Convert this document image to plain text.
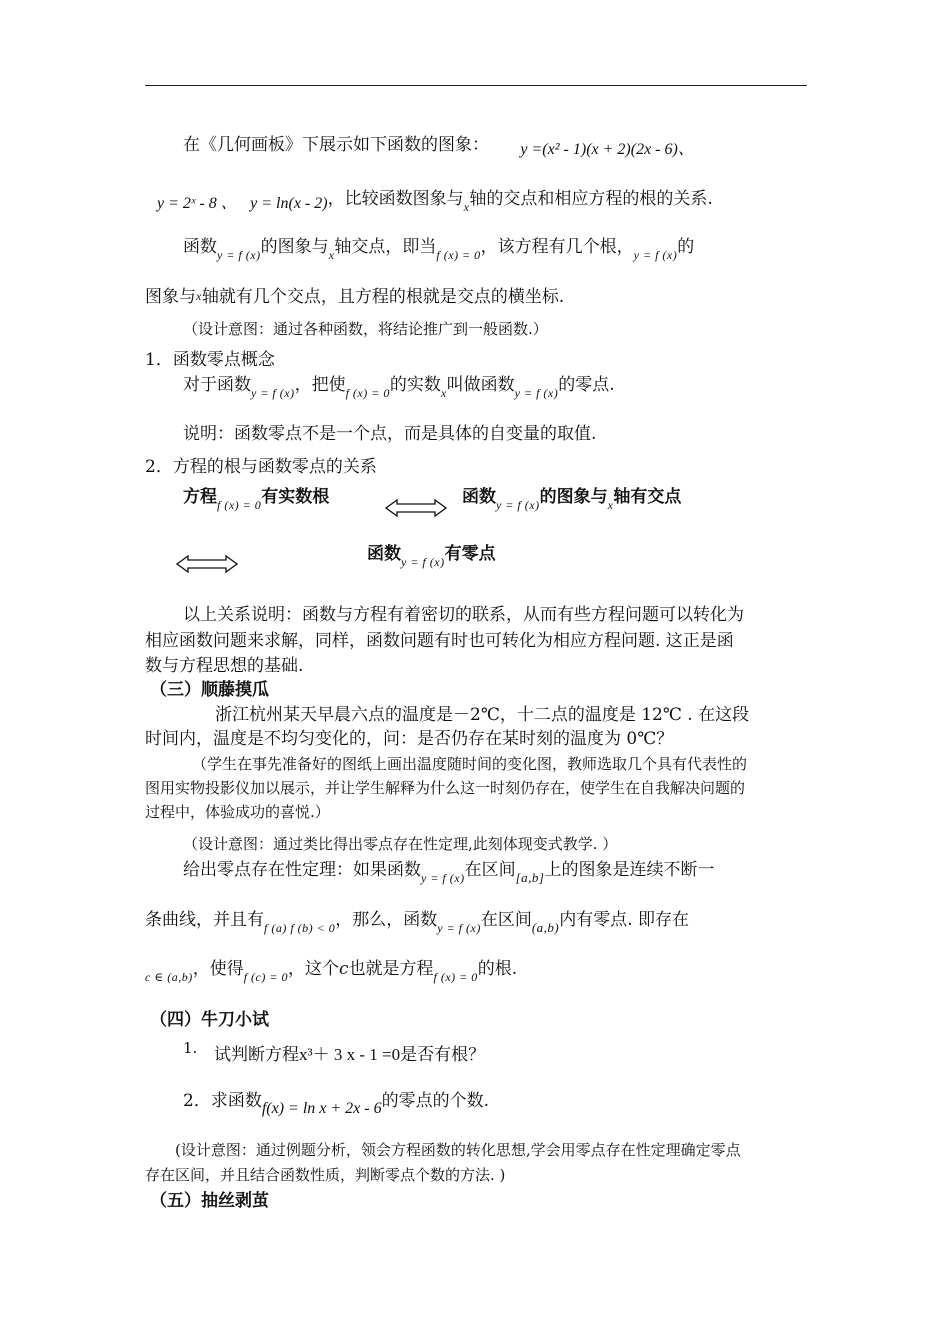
在《几何画板》下展示如下函数的图象： y =(x² - 1)(x + 2)(2x - 6)、
y = 2ˣ - 8 、 y = ln(x - 2)，比较函数图象与$_x$轴的交点和相应方程的根的关系.
函数$_{y = f (x)}$的图象与$_x$轴交点，即当$_{f (x) = 0}$，该方程有几个根，$_{y = f (x)}$的
图象与x轴就有几个交点，且方程的根就是交点的横坐标.
（设计意图：通过各种函数，将结论推广到一般函数.）
1．函数零点概念
对于函数$_{y = f (x)}$，把使$_{f (x) = 0}$的实数$_x$叫做函数$_{y = f (x)}$的零点.
说明：函数零点不是一个点，而是具体的自变量的取值.
2．方程的根与函数零点的关系
方程$_{f (x) = 0}$有实数根	函数$_{y = f (x)}$的图象与$_x$轴有交点
函数$_{y = f (x)}$有零点
以上关系说明：函数与方程有着密切的联系，从而有些方程问题可以转化为
相应函数问题来求解，同样，函数问题有时也可转化为相应方程问题. 这正是函
数与方程思想的基础.
（三）顺藤摸瓜
浙江杭州某天早晨六点的温度是－2℃，十二点的温度是 12℃ . 在这段
时间内，温度是不均匀变化的，问：是否仍存在某时刻的温度为 0℃？
（学生在事先准备好的图纸上画出温度随时间的变化图，教师选取几个具有代表性的
图用实物投影仪加以展示，并让学生解释为什么这一时刻仍存在，使学生在自我解决问题的
过程中，体验成功的喜悦.）
（设计意图：通过类比得出零点存在性定理,此刻体现变式教学. ）
给出零点存在性定理：如果函数$_{y = f (x)}$在区间$_{[a,b]}$上的图象是连续不断一
条曲线，并且有$_{f (a) f (b) < 0}$，那么，函数$_{y = f (x)}$在区间$_{(a,b)}$内有零点. 即存在
$_{c \in (a,b)}$，使得$_{f (c) = 0}$，这个c也就是方程$_{f (x) = 0}$的根.
（四）牛刀小试
1. 试判断方程x³＋ 3 x - 1 =0是否有根？
2．求函数f(x) = ln x + 2x - 6的零点的个数.
(设计意图：通过例题分析，领会方程函数的转化思想,学会用零点存在性定理确定零点
存在区间，并且结合函数性质，判断零点个数的方法. )
（五）抽丝剥茧
